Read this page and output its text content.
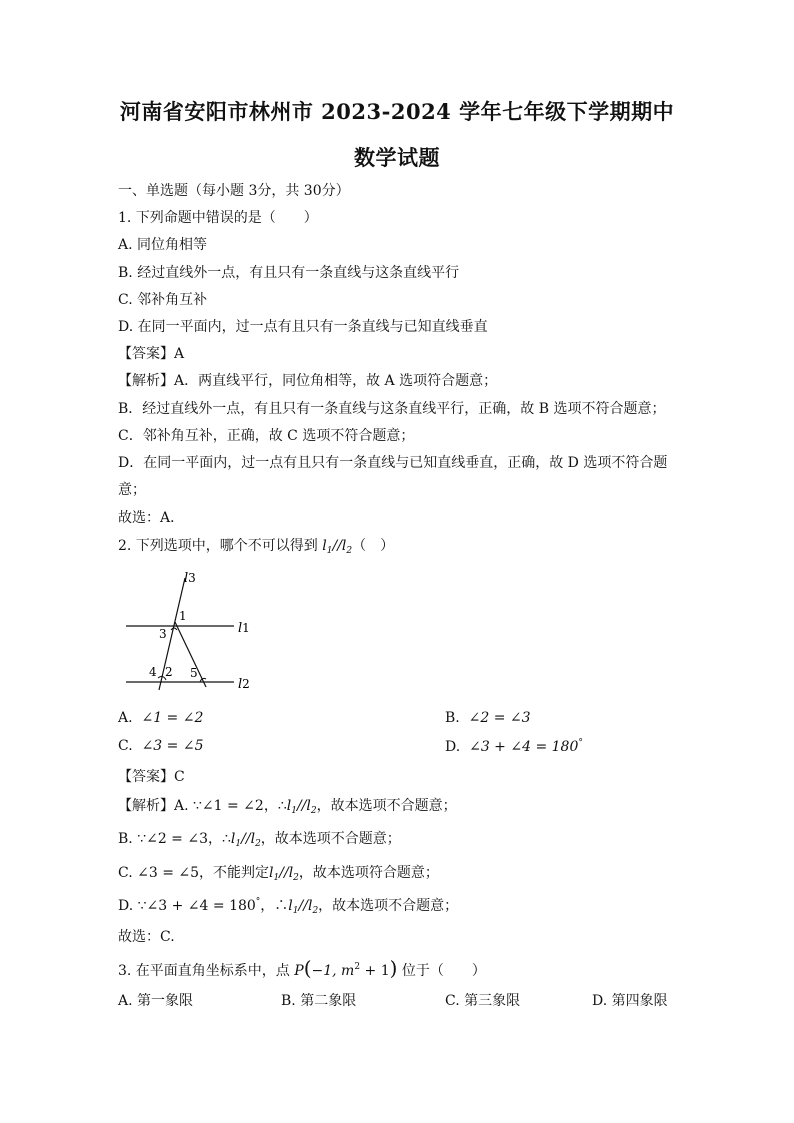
河南省安阳市林州市 2023-2024 学年七年级下学期期中
数学试题
一、单选题（每小题 3分，共 30分）
1. 下列命题中错误的是（　　）
A. 同位角相等
B. 经过直线外一点，有且只有一条直线与这条直线平行
C. 邻补角互补
D. 在同一平面内，过一点有且只有一条直线与已知直线垂直
【答案】A
【解析】A．两直线平行，同位角相等，故 A 选项符合题意；
B．经过直线外一点，有且只有一条直线与这条直线平行，正确，故 B 选项不符合题意；
C．邻补角互补，正确，故 C 选项不符合题意；
D．在同一平面内，过一点有且只有一条直线与已知直线垂直，正确，故 D 选项不符合题
意；
故选：A．
2. 下列选项中，哪个不可以得到 $l_1//l_2$（　）
l3
l1
l2
1
3
4 2 5
A. ∠1 = ∠2	B. ∠2 = ∠3
C. ∠3 = ∠5	D. ∠3 + ∠4 = 180°
【答案】C
【解析】A. ∵∠1 = ∠2，$\therefore l_1//l_2$，故本选项不合题意；
B. ∵∠2 = ∠3，$\therefore l_1//l_2$，故本选项不合题意；
C. ∠3 = ∠5，不能判定$l_1//l_2$，故本选项符合题意；
D. ∵∠3 + ∠4 = 180°，$\therefore l_1//l_2$，故本选项不合题意；
故选：C.
3. 在平面直角坐标系中，点 P(−1, $m^2 + 1$) 位于（　　）
A. 第一象限	B. 第二象限	C. 第三象限	D. 第四象限
